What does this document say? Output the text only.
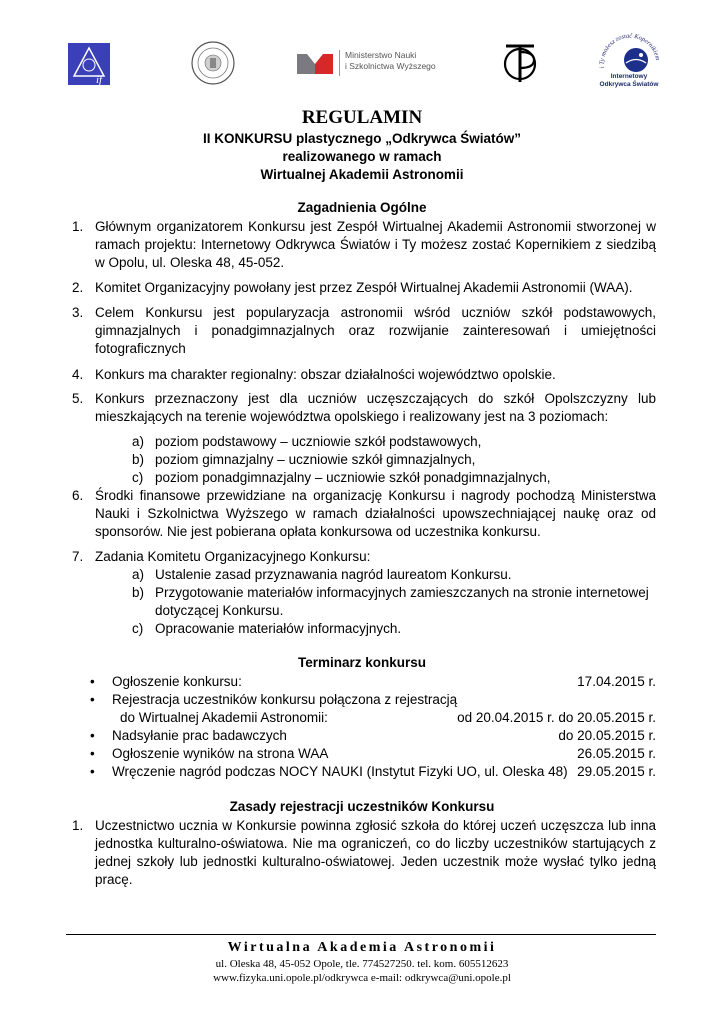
if
Ministerstwo Nauki
i Szkolnictwa Wyższego	i Ty możesz zostać Kopernikiem
Internetowy
Odkrywca Światów
REGULAMIN
II KONKURSU plastycznego „Odkrywca Światów”
realizowanego w ramach
Wirtualnej Akademii Astronomii
Zagadnienia Ogólne
1. Głównym organizatorem Konkursu jest Zespół Wirtualnej Akademii Astronomii stworzonej w ramach projektu: Internetowy Odkrywca Światów i Ty możesz zostać Kopernikiem z siedzibą w Opolu, ul. Oleska 48, 45-052.
2. Komitet Organizacyjny powołany jest przez Zespół Wirtualnej Akademii Astronomii (WAA).
3. Celem Konkursu jest popularyzacja astronomii wśród uczniów szkół podstawowych, gimnazjalnych i ponadgimnazjalnych oraz rozwijanie zainteresowań i umiejętności fotograficznych
4. Konkurs ma charakter regionalny: obszar działalności województwo opolskie.
5. Konkurs przeznaczony jest dla uczniów uczęszczających do szkół Opolszczyzny lub mieszkających na terenie województwa opolskiego i realizowany jest na 3 poziomach:
a) poziom podstawowy – uczniowie szkół podstawowych,
b) poziom gimnazjalny – uczniowie szkół gimnazjalnych,
c) poziom ponadgimnazjalny – uczniowie szkół ponadgimnazjalnych,
6. Środki finansowe przewidziane na organizację Konkursu i nagrody pochodzą Ministerstwa Nauki i Szkolnictwa Wyższego w ramach działalności upowszechniającej naukę oraz od sponsorów. Nie jest pobierana opłata konkursowa od uczestnika konkursu.
7. Zadania Komitetu Organizacyjnego Konkursu:
a) Ustalenie zasad przyznawania nagród laureatom Konkursu.
b) Przygotowanie materiałów informacyjnych zamieszczanych na stronie internetowej dotyczącej Konkursu.
c) Opracowanie materiałów informacyjnych.
Terminarz konkursu
• Ogłoszenie konkursu:	17.04.2015 r.
• Rejestracja uczestników konkursu połączona z rejestracją
do Wirtualnej Akademii Astronomii:	od 20.04.2015 r. do 20.05.2015 r.
• Nadsyłanie prac badawczych	do 20.05.2015 r.
• Ogłoszenie wyników na strona WAA	26.05.2015 r.
• Wręczenie nagród podczas NOCY NAUKI (Instytut Fizyki UO, ul. Oleska 48) 29.05.2015 r.
Zasady rejestracji uczestników Konkursu
1. Uczestnictwo ucznia w Konkursie powinna zgłosić szkoła do której uczeń uczęszcza lub inna jednostka kulturalno-oświatowa. Nie ma ograniczeń, co do liczby uczestników startujących z jednej szkoły lub jednostki kulturalno-oświatowej. Jeden uczestnik może wysłać tylko jedną pracę.
Wirtualna Akademia Astronomii
ul. Oleska 48, 45-052 Opole, tle. 774527250. tel. kom. 605512623
www.fizyka.uni.opole.pl/odkrywca e-mail: odkrywca@uni.opole.pl
